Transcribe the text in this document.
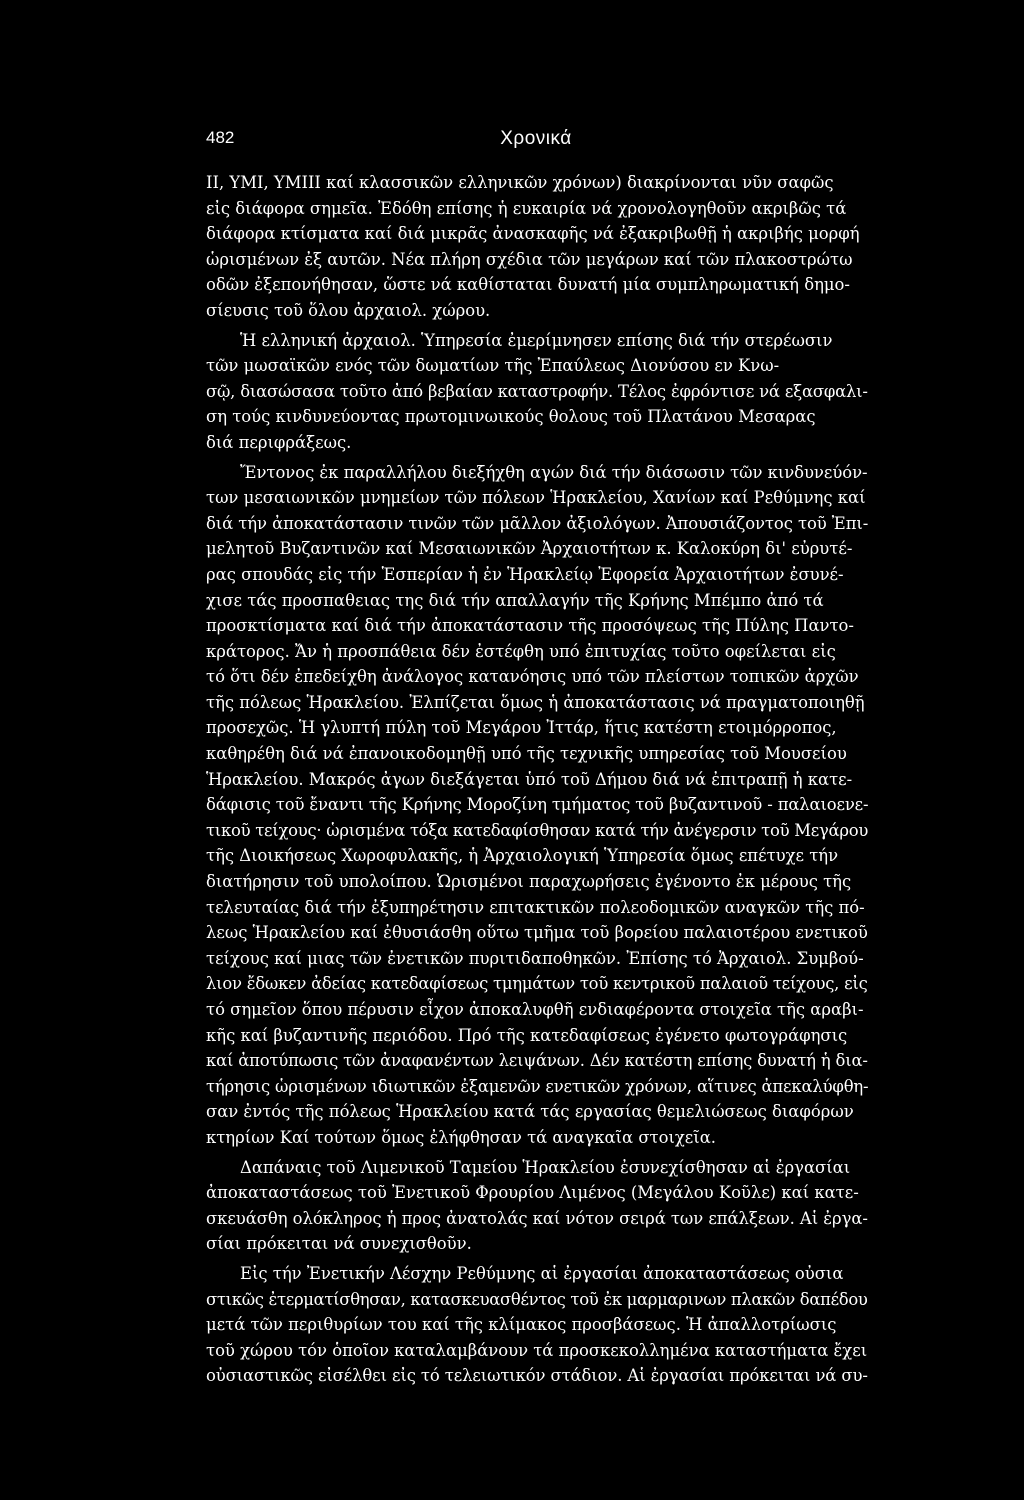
482	Χρονικά
II, ΥΜΙ, ΥΜΙΙΙ καί κλασσικῶν ελληνικῶν χρόνων) διακρίνονται νῦν σαφῶς
εἰς διάφορα σημεῖα. Ἐδόθη επίσης ἡ ευκαιρία νά χρονολογηθοῦν ακριβῶς τά
διάφορα κτίσματα καί διά μικρᾶς ἀνασκαφῆς νά ἐξακριβωθῇ ἡ ακριβής μορφή
ὡρισμένων ἐξ αυτῶν. Νέα πλήρη σχέδια τῶν μεγάρων καί τῶν πλακοστρώτω
οδῶν ἐξεπονήθησαν, ὥστε νά καθίσταται δυνατή μία συμπληρωματική δημο-
σίευσις τοῦ ὅλου ἀρχαιολ. χώρου.
Ἡ ελληνική ἀρχαιολ. Ὑπηρεσία ἐμερίμνησεν επίσης διά τήν στερέωσιν
τῶν μωσαϊκῶν ενός τῶν δωματίων τῆς Ἐπαύλεως Διονύσου εν Κνω-
σῷ, διασώσασα τοῦτο ἀπό βεβαίαν καταστροφήν. Τέλος ἐφρόντισε νά εξασφαλι-
ση τούς κινδυνεύοντας πρωτομινωικούς θολους τοῦ Πλατάνου Μεσαρας
διά περιφράξεως.
Ἔντονος ἐκ παραλλήλου διεξήχθη αγών διά τήν διάσωσιν τῶν κινδυνεύόν-
των μεσαιωνικῶν μνημείων τῶν πόλεων Ἡρακλείου, Χανίων καί Ρεθύμνης καί
διά τήν ἀποκατάστασιν τινῶν τῶν μᾶλλον ἀξιολόγων. Ἀπουσιάζοντος τοῦ Ἐπι-
μελητοῦ Βυζαντινῶν καί Μεσαιωνικῶν Ἀρχαιοτήτων κ. Καλοκύρη δι' εὐρυτέ-
ρας σπουδάς εἰς τήν Ἑσπερίαν ἡ ἐν Ἡρακλείῳ Ἐφορεία Ἀρχαιοτήτων ἐσυνέ-
χισε τάς προσπαθειας της διά τήν απαλλαγήν τῆς Κρήνης Μπέμπο ἀπό τά
προσκτίσματα καί διά τήν ἀποκατάστασιν τῆς προσόψεως τῆς Πύλης Παντο-
κράτορος. Ἄν ἡ προσπάθεια δέν ἐστέφθη υπό ἐπιτυχίας τοῦτο οφείλεται εἰς
τό ὅτι δέν ἐπεδείχθη ἀνάλογος κατανόησις υπό τῶν πλείστων τοπικῶν ἀρχῶν
τῆς πόλεως Ἡρακλείου. Ἐλπίζεται ὅμως ἡ ἀποκατάστασις νά πραγματοποιηθῇ
προσεχῶς. Ἡ γλυπτή πύλη τοῦ Μεγάρου Ἰττάρ, ἥτις κατέστη ετοιμόρροπος,
καθηρέθη διά νά ἐπανοικοδομηθῇ υπό τῆς τεχνικῆς υπηρεσίας τοῦ Μουσείου
Ἡρακλείου. Μακρός ἀγων διεξάγεται ὑπό τοῦ Δήμου διά νά ἐπιτραπῇ ἡ κατε-
δάφισις τοῦ ἔναντι τῆς Κρήνης Μοροζίνη τμήματος τοῦ βυζαντινοῦ - παλαιοενε-
τικοῦ τείχους· ὡρισμένα τόξα κατεδαφίσθησαν κατά τήν ἀνέγερσιν τοῦ Μεγάρου
τῆς Διοικήσεως Χωροφυλακῆς, ἡ Ἀρχαιολογική Ὑπηρεσία ὅμως επέτυχε τήν
διατήρησιν τοῦ υπολοίπου. Ὡρισμένοι παραχωρήσεις ἐγένοντο ἐκ μέρους τῆς
τελευταίας διά τήν ἐξυπηρέτησιν επιτακτικῶν πολεοδομικῶν αναγκῶν τῆς πό-
λεως Ἡρακλείου καί ἐθυσιάσθη οὕτω τμῆμα τοῦ βορείου παλαιοτέρου ενετικοῦ
τείχους καί μιας τῶν ἐνετικῶν πυριτιδαποθηκῶν. Ἐπίσης τό Ἀρχαιολ. Συμβού-
λιον ἔδωκεν ἀδείας κατεδαφίσεως τμημάτων τοῦ κεντρικοῦ παλαιοῦ τείχους, εἰς
τό σημεῖον ὅπου πέρυσιν εἶχον ἀποκαλυφθῆ ενδιαφέροντα στοιχεῖα τῆς αραβι-
κῆς καί βυζαντινῆς περιόδου. Πρό τῆς κατεδαφίσεως ἐγένετο φωτογράφησις
καί ἀποτύπωσις τῶν ἀναφανέντων λειψάνων. Δέν κατέστη επίσης δυνατή ἡ δια-
τήρησις ὡρισμένων ιδιωτικῶν ἐξαμενῶν ενετικῶν χρόνων, αἵτινες ἀπεκαλύφθη-
σαν ἐντός τῆς πόλεως Ἡρακλείου κατά τάς εργασίας θεμελιώσεως διαφόρων
κτηρίων Καί τούτων ὅμως ἐλήφθησαν τά αναγκαῖα στοιχεῖα.
Δαπάναις τοῦ Λιμενικοῦ Ταμείου Ἡρακλείου ἐσυνεχίσθησαν αἱ ἐργασίαι
ἀποκαταστάσεως τοῦ Ἐνετικοῦ Φρουρίου Λιμένος (Μεγάλου Κοῦλε) καί κατε-
σκευάσθη ολόκληρος ἡ προς ἀνατολάς καί νότον σειρά των επάλξεων. Αἱ ἐργα-
σίαι πρόκειται νά συνεχισθοῦν.
Εἰς τήν Ἐνετικήν Λέσχην Ρεθύμνης αἱ ἐργασίαι ἀποκαταστάσεως οὐσια
στικῶς ἐτερματίσθησαν, κατασκευασθέντος τοῦ ἐκ μαρμαρινων πλακῶν δαπέδου
μετά τῶν περιθυρίων του καί τῆς κλίμακος προσβάσεως. Ἡ ἀπαλλοτρίωσις
τοῦ χώρου τόν ὁποῖον καταλαμβάνουν τά προσκεκολλημένα καταστήματα ἔχει
οὐσιαστικῶς εἰσέλθει εἰς τό τελειωτικόν στάδιον. Αἱ ἐργασίαι πρόκειται νά συ-
